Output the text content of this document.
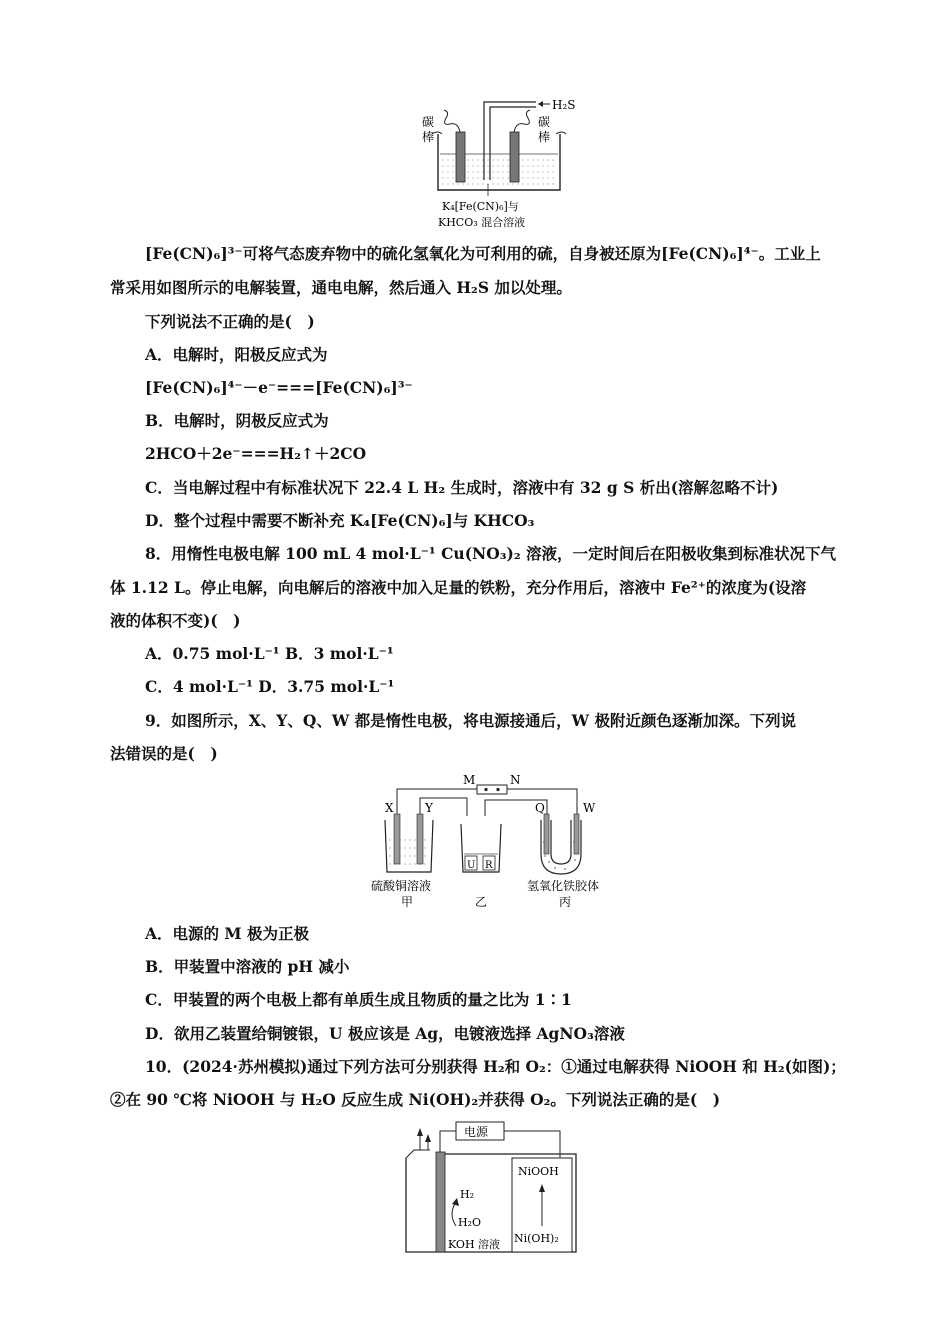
H₂S
碳
棒
碳
棒
K₄[Fe(CN)₆]与
KHCO₃ 混合溶液
[Fe(CN)₆]³⁻可将气态废弃物中的硫化氢氧化为可利用的硫，自身被还原为[Fe(CN)₆]⁴⁻。工业上
常采用如图所示的电解装置，通电电解，然后通入 H₂S 加以处理。
下列说法不正确的是(　)
A．电解时，阳极反应式为
[Fe(CN)₆]⁴⁻－e⁻===[Fe(CN)₆]³⁻
B．电解时，阴极反应式为
2HCO＋2e⁻===H₂↑＋2CO
C．当电解过程中有标准状况下 22.4 L H₂ 生成时，溶液中有 32 g S 析出(溶解忽略不计)
D．整个过程中需要不断补充 K₄[Fe(CN)₆]与 KHCO₃
8．用惰性电极电解 100 mL 4 mol·L⁻¹ Cu(NO₃)₂ 溶液，一定时间后在阳极收集到标准状况下气
体 1.12 L。停止电解，向电解后的溶液中加入足量的铁粉，充分作用后，溶液中 Fe²⁺的浓度为(设溶
液的体积不变)(　)
A．0.75 mol·L⁻¹ B．3 mol·L⁻¹
C．4 mol·L⁻¹ D．3.75 mol·L⁻¹
9．如图所示，X、Y、Q、W 都是惰性电极，将电源接通后，W 极附近颜色逐渐加深。下列说
法错误的是(　)
M	N
X	Y
U R
Q	W
硫酸铜溶液	氢氧化铁胶体
甲	乙	丙
A．电源的 M 极为正极
B．甲装置中溶液的 pH 减小
C．甲装置的两个电极上都有单质生成且物质的量之比为 1∶1
D．欲用乙装置给铜镀银，U 极应该是 Ag，电镀液选择 AgNO₃溶液
10．(2024·苏州模拟)通过下列方法可分别获得 H₂和 O₂：①通过电解获得 NiOOH 和 H₂(如图)；
②在 90 ℃将 NiOOH 与 H₂O 反应生成 Ni(OH)₂并获得 O₂。下列说法正确的是(　)
电源
NiOOH
Ni(OH)₂
H₂
H₂O
KOH 溶液
